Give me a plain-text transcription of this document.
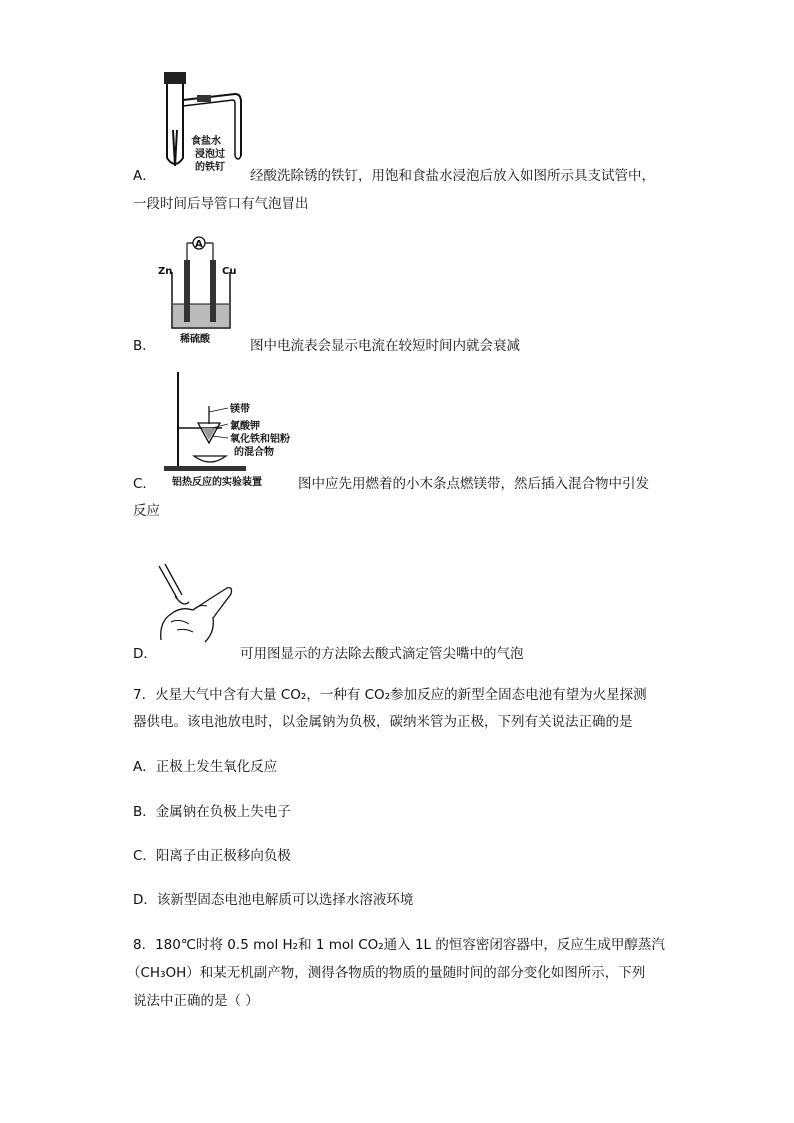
食盐水
浸泡过
的铁钉
A．	经酸洗除锈的铁钉，用饱和食盐水浸泡后放入如图所示具支试管中，
一段时间后导管口有气泡冒出
A
Zn	Cu
稀硫酸
B．	图中电流表会显示电流在较短时间内就会衰减
镁带
氯酸钾
氧化铁和铝粉
的混合物
铝热反应的实验装置
C．	图中应先用燃着的小木条点燃镁带，然后插入混合物中引发
反应
D．	可用图显示的方法除去酸式滴定管尖嘴中的气泡
7．火星大气中含有大量 CO₂，一种有 CO₂参加反应的新型全固态电池有望为火星探测
器供电。该电池放电时，以金属钠为负极，碳纳米管为正极，下列有关说法正确的是
A．正极上发生氧化反应
B．金属钠在负极上失电子
C．阳离子由正极移向负极
D．该新型固态电池电解质可以选择水溶液环境
8．180℃时将 0.5 mol H₂和 1 mol CO₂通入 1L 的恒容密闭容器中，反应生成甲醇蒸汽
（CH₃OH）和某无机副产物，测得各物质的物质的量随时间的部分变化如图所示，下列
说法中正确的是（ ）
